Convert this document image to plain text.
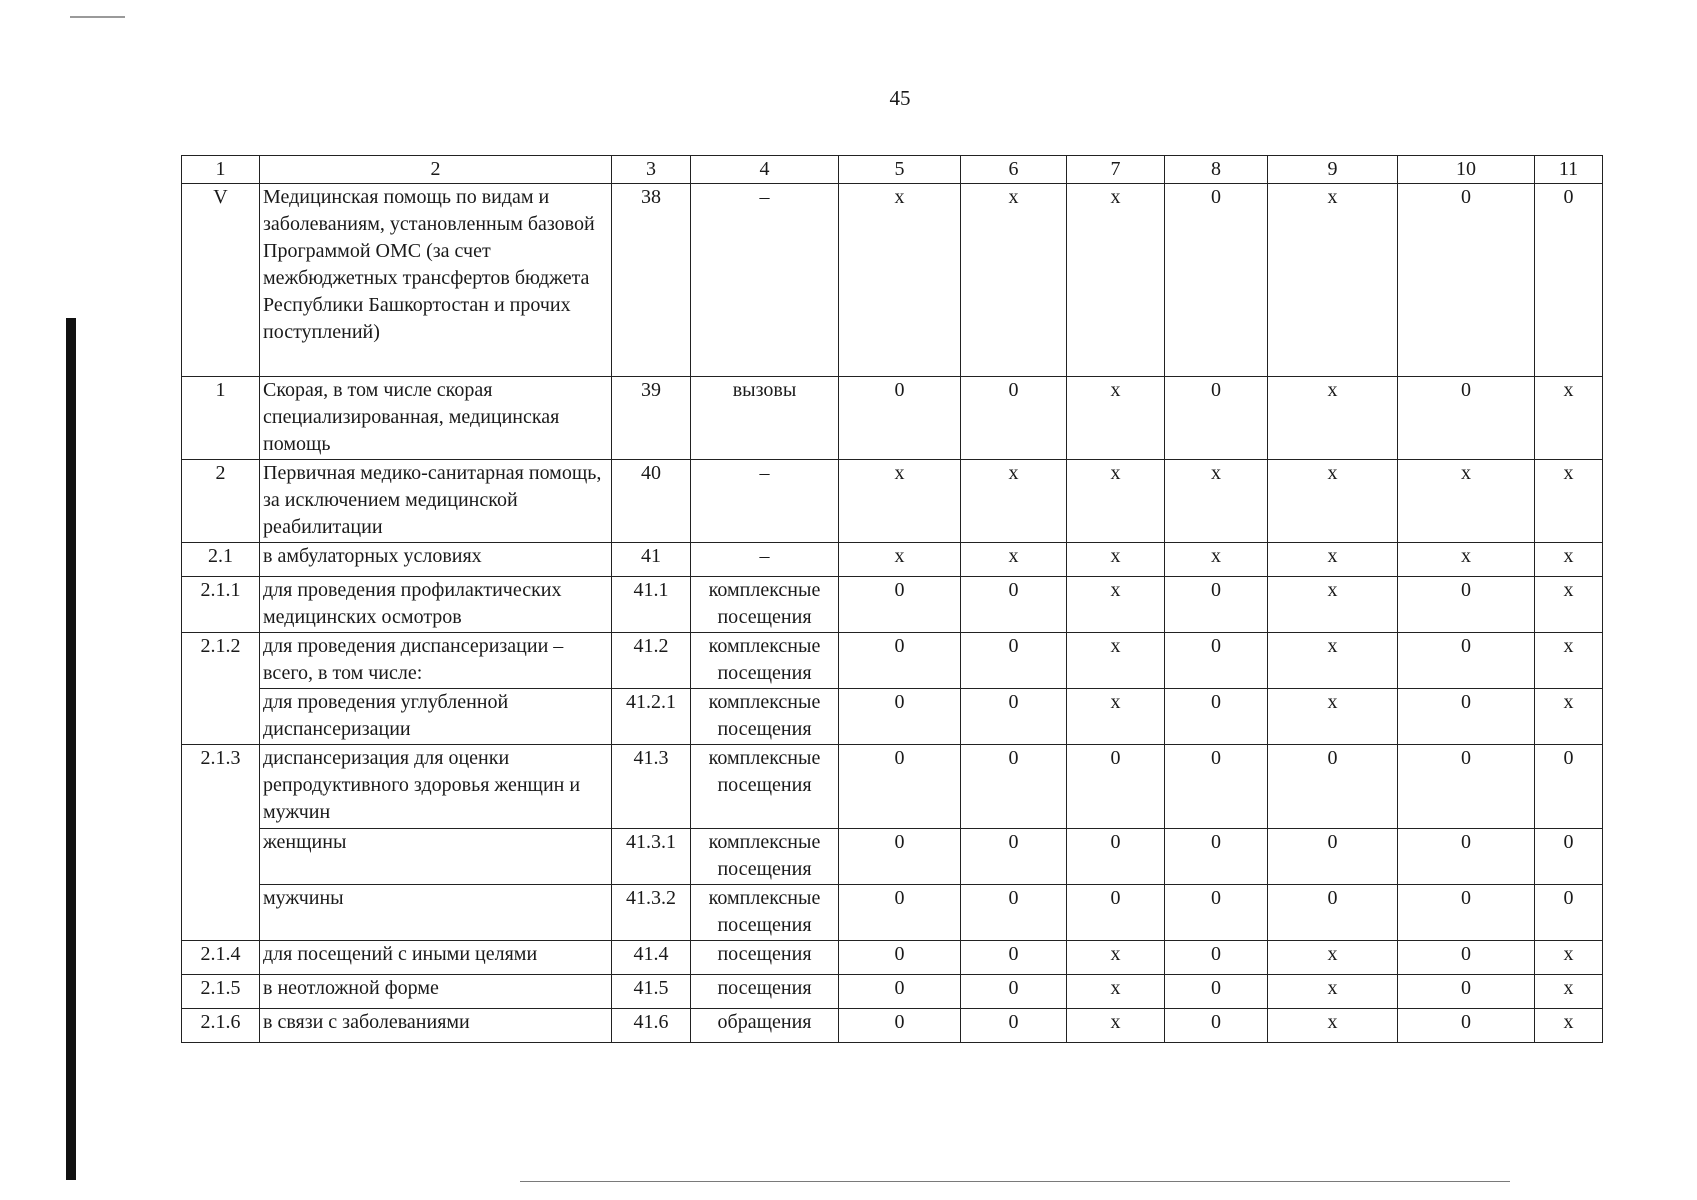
45
1	2	3	4	5	6	7	8	9	10	11
V	Медицинская помощь по видам и заболеваниям, установленным базовой Программой ОМС (за счет межбюджетных трансфертов бюджета Республики Башкортостан и прочих поступлений)	38	–	х	х	х	0	х	0	0
1	Скорая, в том числе скорая специализированная, медицинская помощь	39	вызовы	0	0	х	0	х	0	х
2	Первичная медико-санитарная помощь, за исключением медицинской реабилитации	40	–	х	х	х	х	х	х	х
2.1	в амбулаторных условиях	41	–	х	х	х	х	х	х	х
2.1.1	для проведения профилактических медицинских осмотров	41.1	комплексные посещения	0	0	х	0	х	0	х
2.1.2	для проведения диспансеризации – всего, в том числе:	41.2	комплексные посещения	0	0	х	0	х	0	х
	для проведения углубленной диспансеризации	41.2.1	комплексные посещения	0	0	х	0	х	0	х
2.1.3	диспансеризация для оценки репродуктивного здоровья женщин и мужчин	41.3	комплексные посещения	0	0	0	0	0	0	0
	женщины	41.3.1	комплексные посещения	0	0	0	0	0	0	0
	мужчины	41.3.2	комплексные посещения	0	0	0	0	0	0	0
2.1.4	для посещений с иными целями	41.4	посещения	0	0	х	0	х	0	х
2.1.5	в неотложной форме	41.5	посещения	0	0	х	0	х	0	х
2.1.6	в связи с заболеваниями	41.6	обращения	0	0	х	0	х	0	х
